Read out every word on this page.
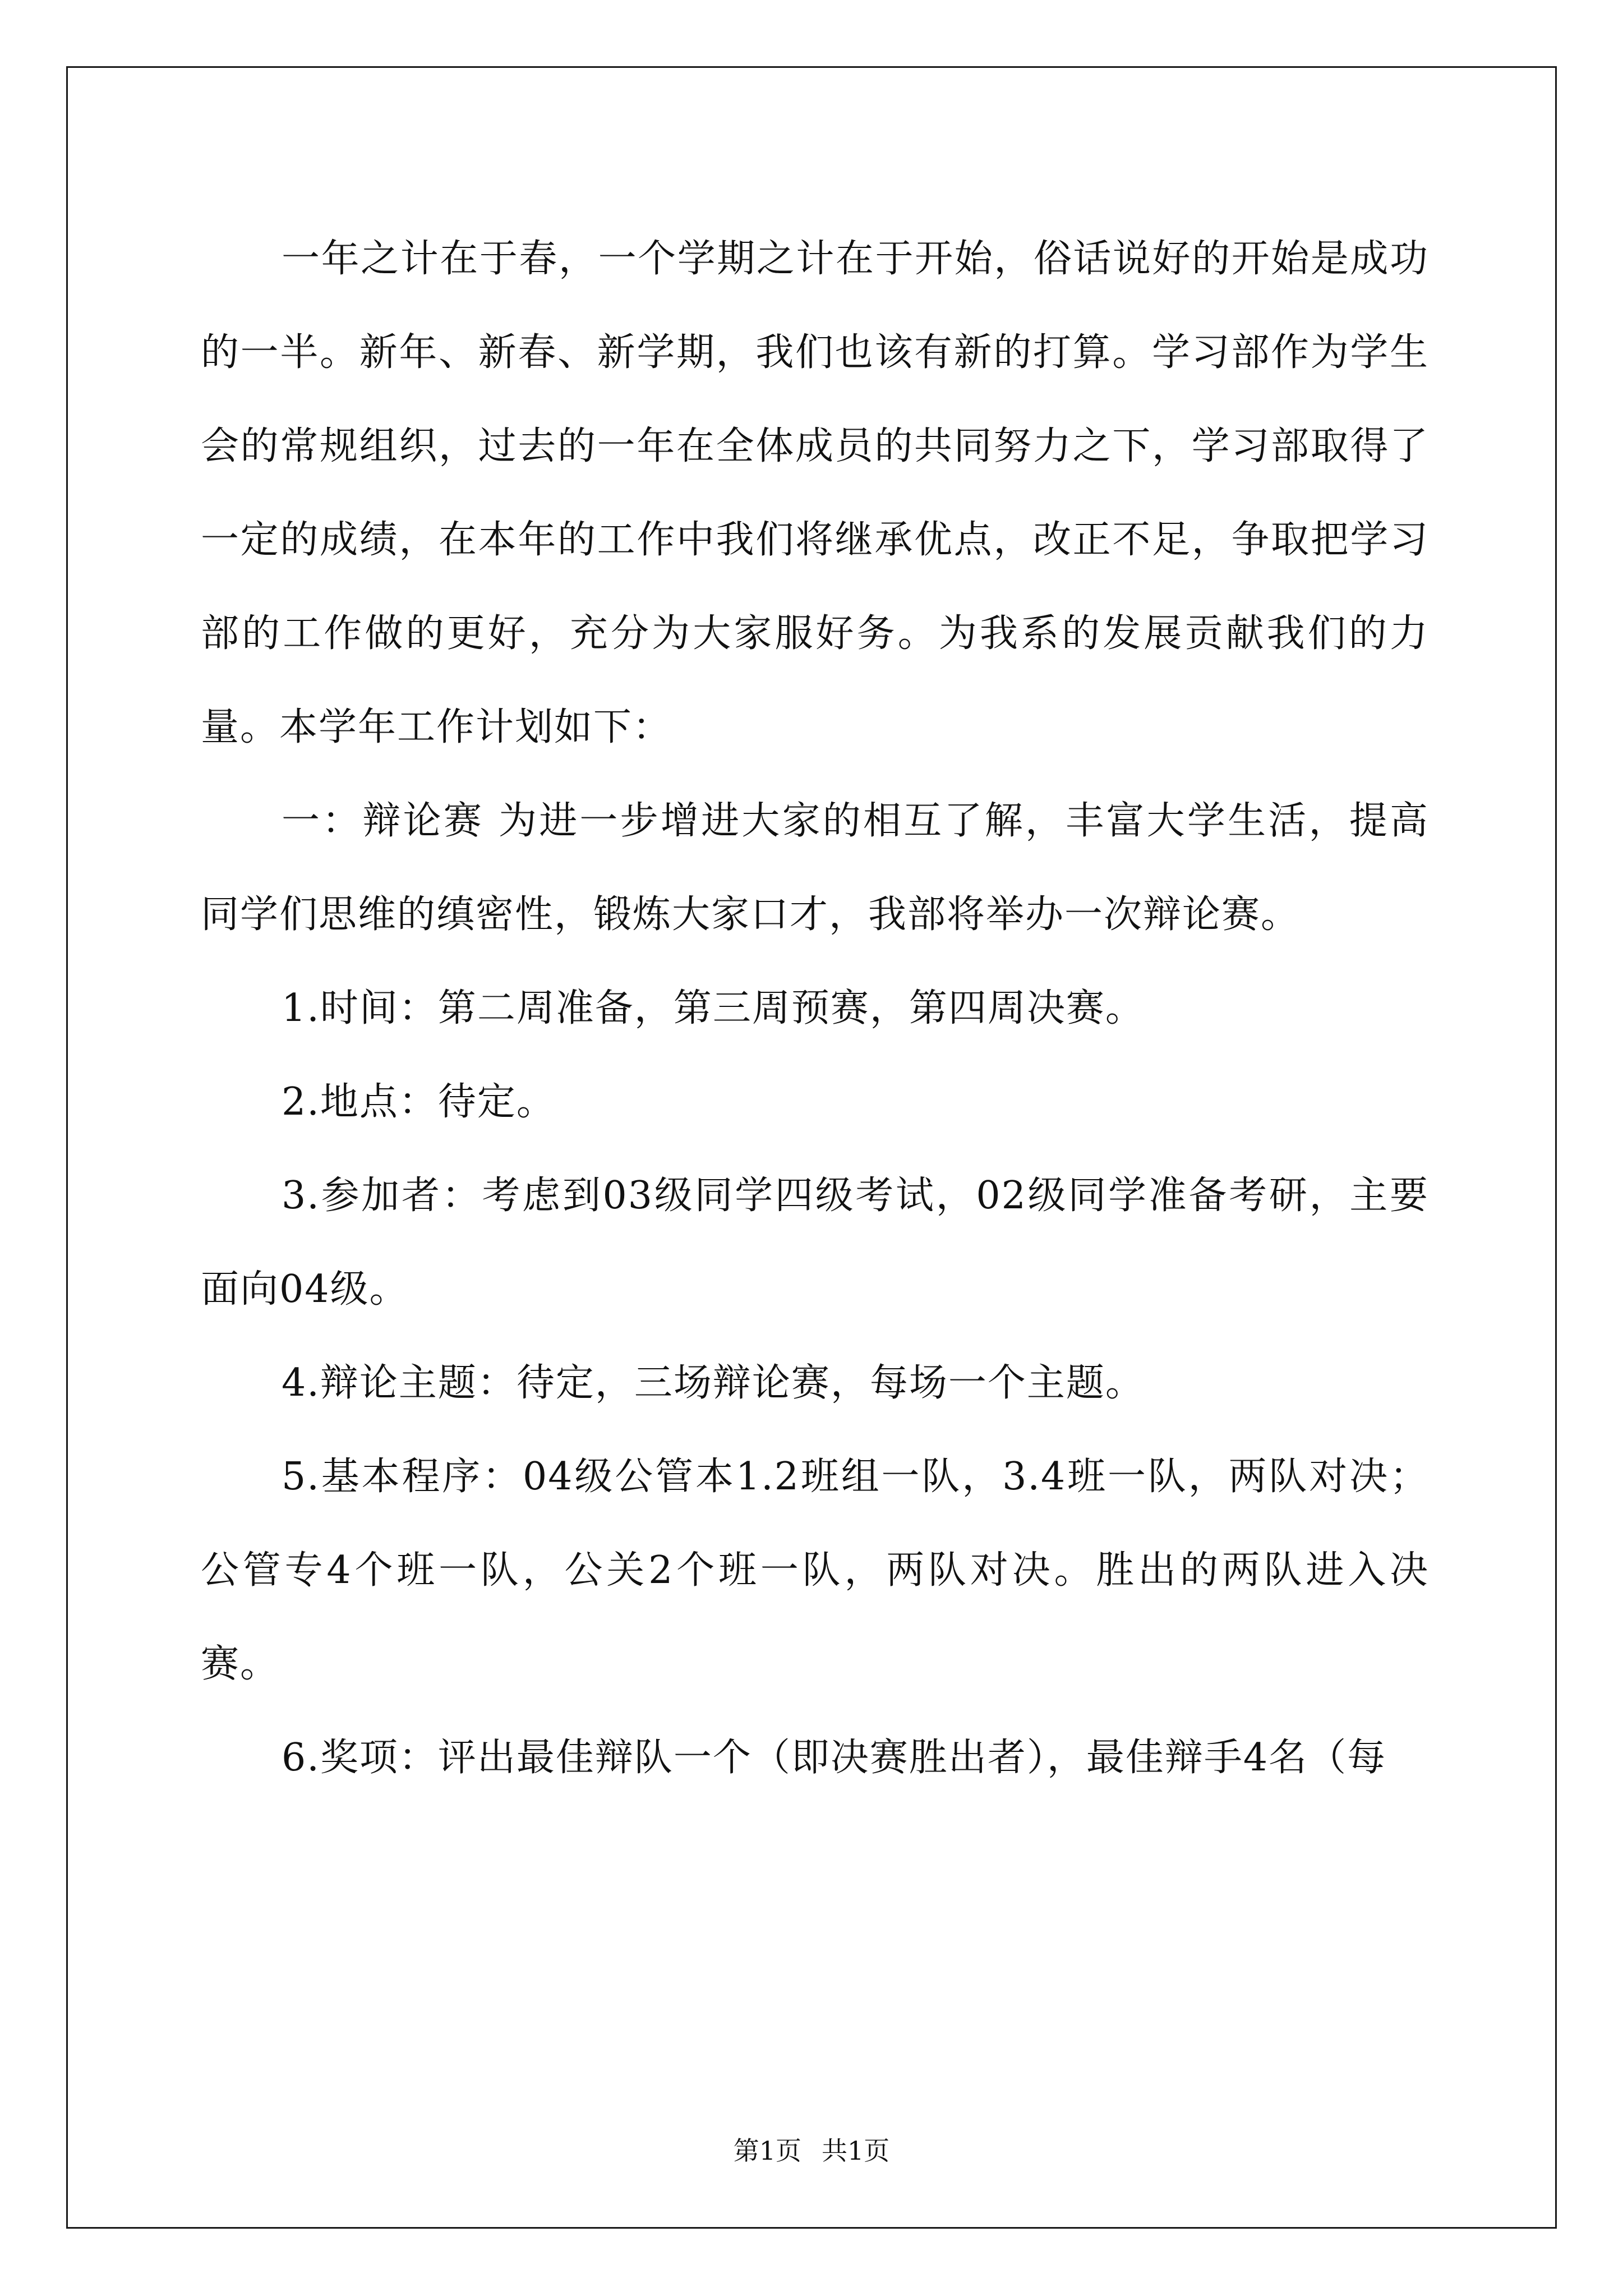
一年之计在于春，一个学期之计在于开始，俗话说好的开始是成功的一半。新年、新春、新学期，我们也该有新的打算。学习部作为学生会的常规组织，过去的一年在全体成员的共同努力之下，学习部取得了一定的成绩，在本年的工作中我们将继承优点，改正不足，争取把学习部的工作做的更好，充分为大家服好务。为我系的发展贡献我们的力量。本学年工作计划如下：

一：辩论赛 为进一步增进大家的相互了解，丰富大学生活，提高同学们思维的缜密性，锻炼大家口才，我部将举办一次辩论赛。

1.时间：第二周准备，第三周预赛，第四周决赛。

2.地点：待定。

3.参加者：考虑到03级同学四级考试，02级同学准备考研，主要面向04级。

4.辩论主题：待定，三场辩论赛，每场一个主题。

5.基本程序：04级公管本1.2班组一队，3.4班一队，两队对决；公管专4个班一队，公关2个班一队，两队对决。胜出的两队进入决赛。

6.奖项：评出最佳辩队一个（即决赛胜出者），最佳辩手4名（每

第1页 共1页
